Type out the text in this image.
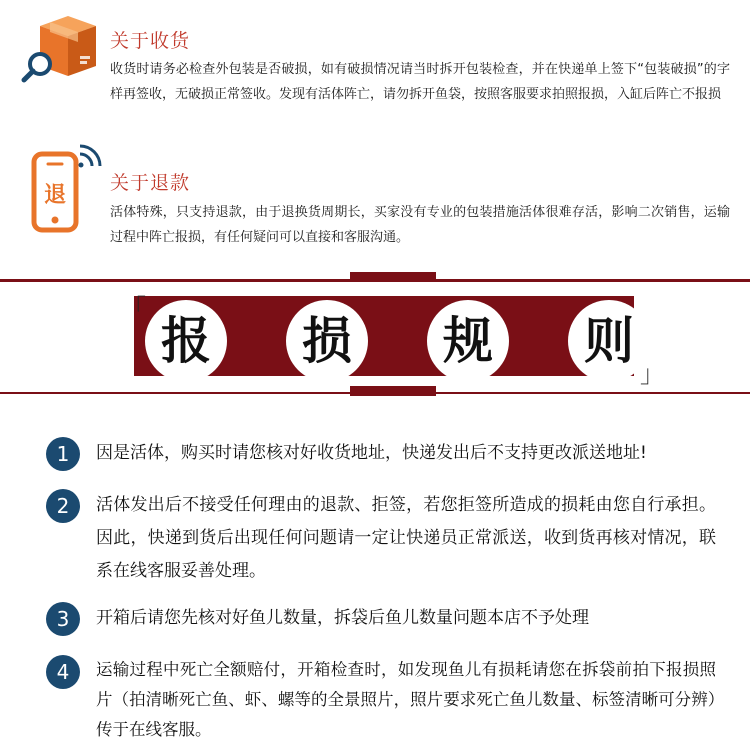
关于收货
收货时请务必检查外包装是否破损，如有破损情况请当时拆开包装检查，并在快递单上签下“包装破损”的字样再签收，无破损正常签收。发现有活体阵亡，请勿拆开鱼袋，按照客服要求拍照报损，入缸后阵亡不报损
退 关于退款
活体特殊，只支持退款，由于退换货周期长，买家没有专业的包装措施活体很难存活，影响二次销售，运输过程中阵亡报损，有任何疑问可以直接和客服沟通。
「
」
报	损	规	则
1	因是活体，购买时请您核对好收货地址，快递发出后不支持更改派送地址!
2	活体发出后不接受任何理由的退款、拒签，若您拒签所造成的损耗由您自行承担。因此，快递到货后出现任何问题请一定让快递员正常派送，收到货再核对情况，联系在线客服妥善处理。
3	开箱后请您先核对好鱼儿数量，拆袋后鱼儿数量问题本店不予处理
4	运输过程中死亡全额赔付，开箱检查时，如发现鱼儿有损耗请您在拆袋前拍下报损照片（拍清晰死亡鱼、虾、螺等的全景照片，照片要求死亡鱼儿数量、标签清晰可分辨）传于在线客服。
